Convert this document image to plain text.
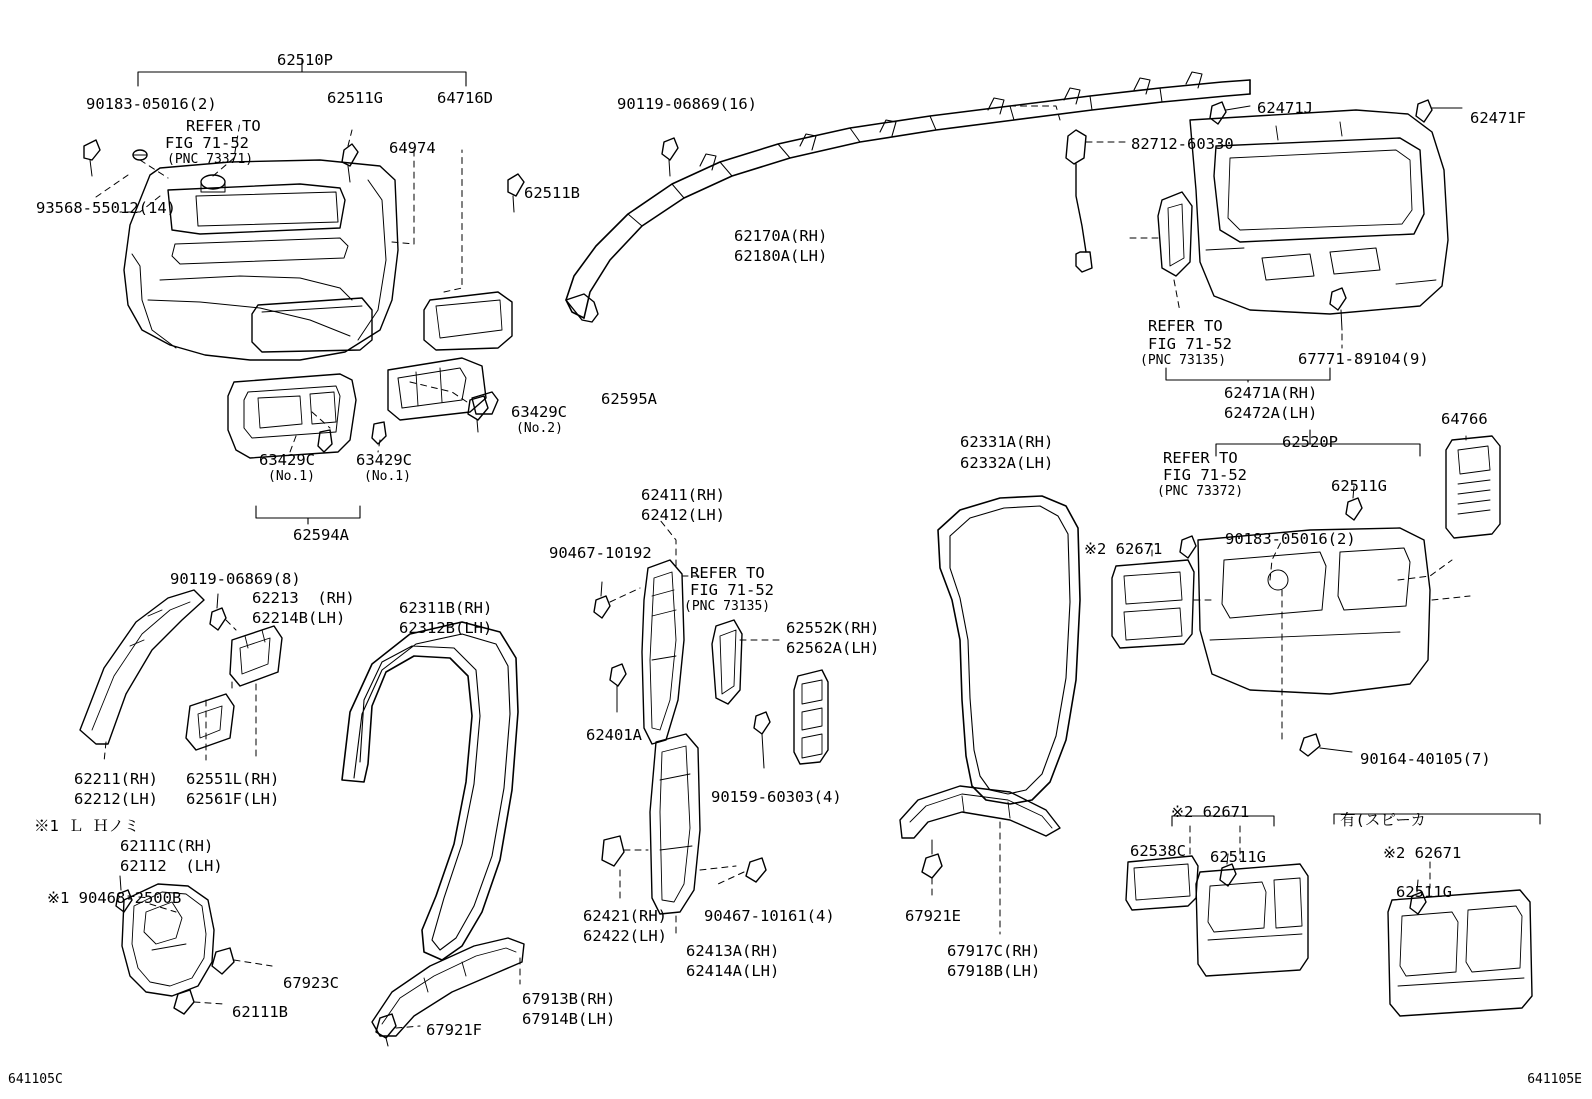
62510P
90183-05016(2)	62511G	64716D
REFER TO
FIG 71-52
(PNC 73371)
64974
93568-55012(14)
62511B
90119-06869(16)
62170A(RH)
62180A(LH)
82712-60330
62471J
62471F
REFER TO
FIG 71-52
(PNC 73135)	67771-89104(9)
62471A(RH)
62472A(LH)
63429C
(No.2)
62595A
63429C
(No.1)
63429C
(No.1)
62594A
62331A(RH)
62332A(LH)
64766
62520P
REFER TO
FIG 71-52
(PNC 73372)	62511G
90183-05016(2)
※2 62671
62411(RH)
62412(LH)
90467-10192
REFER TO
FIG 71-52
(PNC 73135)
62552K(RH)
62562A(LH)
62401A
90159-60303(4)
90119-06869(8)
62213  (RH)
62214B(LH)
62311B(RH)
62312B(LH)
62211(RH)
62212(LH)
62551L(RH)
62561F(LH)
※1 Ｌ Ｈノミ
62111C(RH)
62112  (LH)
※1 90468-2500B
67923C
62111B
67921F
67913B(RH)
67914B(LH)
62421(RH)
62422(LH)
90467-10161(4)
62413A(RH)
62414A(LH)
67921E
67917C(RH)
67918B(LH)
※2 62671
62538C 62511G
有(スピーカ
※2 62671
62511G
90164-40105(7)
641105C	641105E
